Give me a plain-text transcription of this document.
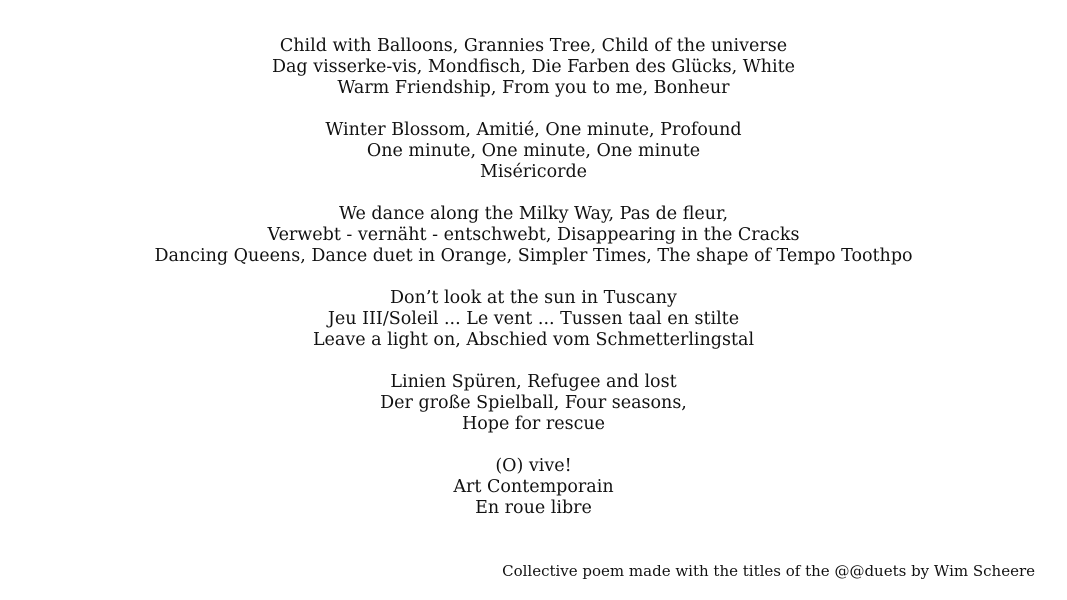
Child with Balloons, Grannies Tree, Child of the universe
Dag visserke-vis, Mondfisch, Die Farben des Glücks, White
Warm Friendship, From you to me, Bonheur
Winter Blossom, Amitié, One minute, Profound
One minute, One minute, One minute
Miséricorde
We dance along the Milky Way, Pas de fleur,
Verwebt - vernäht - entschwebt, Disappearing in the Cracks
Dancing Queens, Dance duet in Orange, Simpler Times, The shape of Tempo Toothpo
Don’t look at the sun in Tuscany
Jeu III/Soleil ... Le vent ... Tussen taal en stilte
Leave a light on, Abschied vom Schmetterlingstal
Linien Spüren, Refugee and lost
Der große Spielball, Four seasons,
Hope for rescue
(O) vive!
Art Contemporain
En roue libre
Collective poem made with the titles of the @@duets by Wim Scheere
